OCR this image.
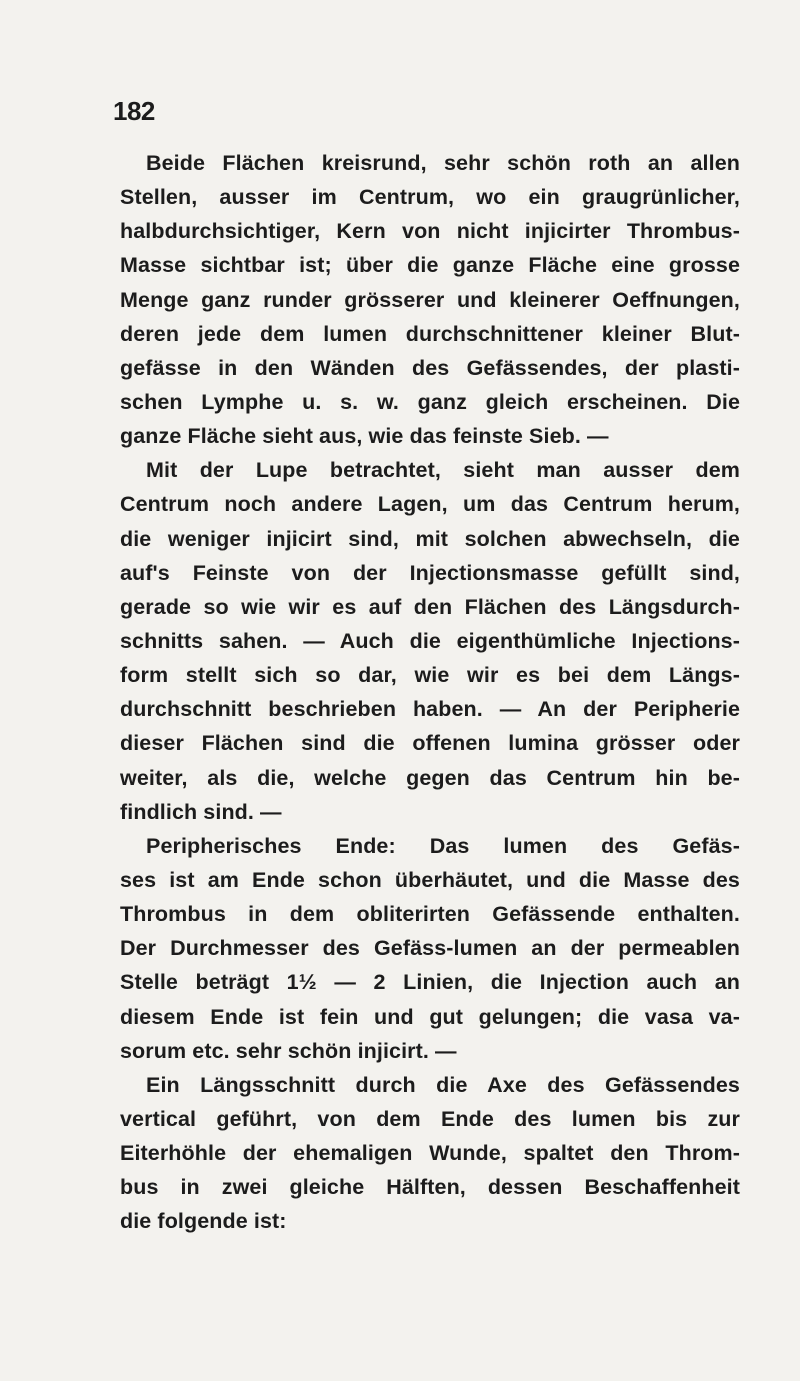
182
Beide Flächen kreisrund, sehr schön roth an allen
Stellen, ausser im Centrum, wo ein graugrünlicher,
halbdurchsichtiger, Kern von nicht injicirter Thrombus-
Masse sichtbar ist; über die ganze Fläche eine grosse
Menge ganz runder grösserer und kleinerer Oeffnungen,
deren jede dem lumen durchschnittener kleiner Blut-
gefässe in den Wänden des Gefässendes, der plasti-
schen Lymphe u. s. w. ganz gleich erscheinen. Die
ganze Fläche sieht aus, wie das feinste Sieb. —
Mit der Lupe betrachtet, sieht man ausser dem
Centrum noch andere Lagen, um das Centrum herum,
die weniger injicirt sind, mit solchen abwechseln, die
auf's Feinste von der Injectionsmasse gefüllt sind,
gerade so wie wir es auf den Flächen des Längsdurch-
schnitts sahen. — Auch die eigenthümliche Injections-
form stellt sich so dar, wie wir es bei dem Längs-
durchschnitt beschrieben haben. — An der Peripherie
dieser Flächen sind die offenen lumina grösser oder
weiter, als die, welche gegen das Centrum hin be-
findlich sind. —
Peripherisches Ende: Das lumen des Gefäs-
ses ist am Ende schon überhäutet, und die Masse des
Thrombus in dem obliterirten Gefässende enthalten.
Der Durchmesser des Gefäss-lumen an der permeablen
Stelle beträgt 1½ — 2 Linien, die Injection auch an
diesem Ende ist fein und gut gelungen; die vasa va-
sorum etc. sehr schön injicirt. —
Ein Längsschnitt durch die Axe des Gefässendes
vertical geführt, von dem Ende des lumen bis zur
Eiterhöhle der ehemaligen Wunde, spaltet den Throm-
bus in zwei gleiche Hälften, dessen Beschaffenheit
die folgende ist:
